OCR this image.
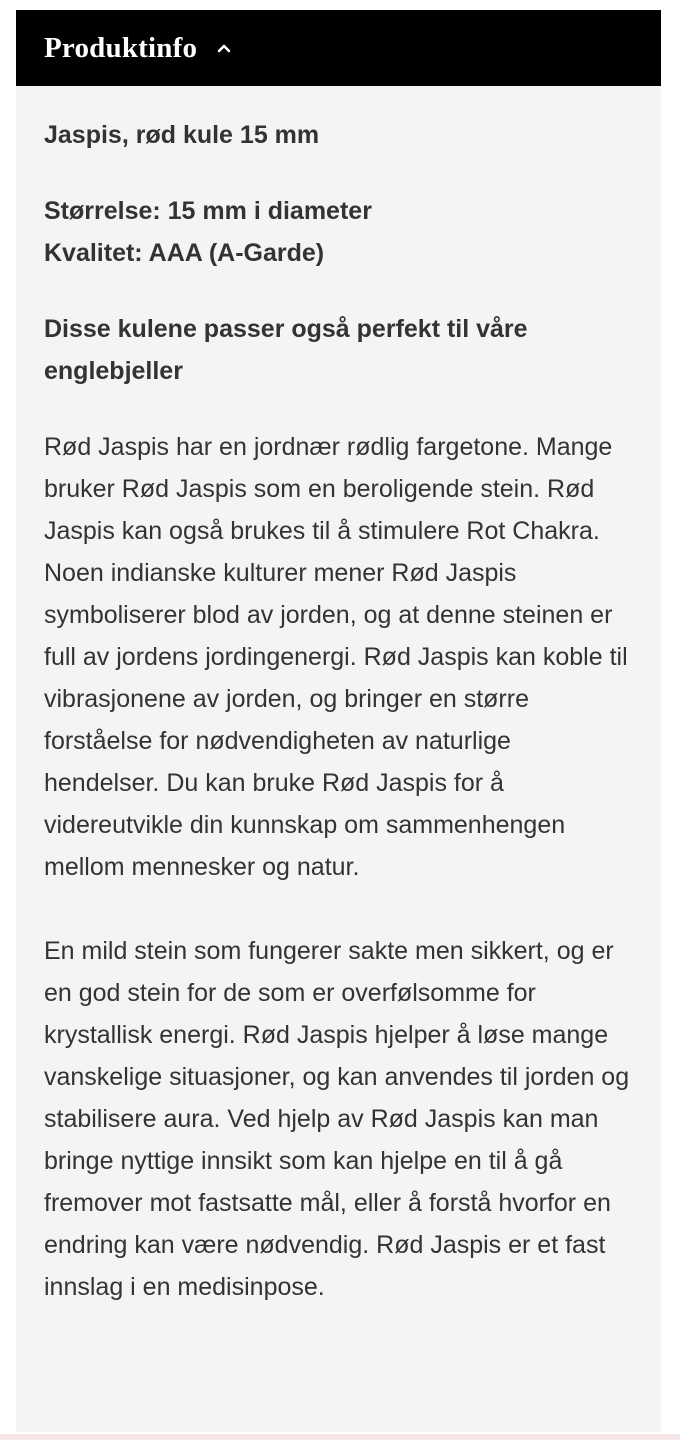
Produktinfo

Jaspis, rød kule 15 mm

Størrelse: 15 mm i diameter

Kvalitet: AAA (A-Garde)

Disse kulene passer også perfekt til våre englebjeller

Rød Jaspis har en jordnær rødlig fargetone. Mange bruker Rød Jaspis som en beroligende stein. Rød Jaspis kan også brukes til å stimulere Rot Chakra. Noen indianske kulturer mener Rød Jaspis symboliserer blod av jorden, og at denne steinen er full av jordens jordingenergi. Rød Jaspis kan koble til vibrasjonene av jorden, og bringer en større forståelse for nødvendigheten av naturlige hendelser. Du kan bruke Rød Jaspis for å videreutvikle din kunnskap om sammenhengen mellom mennesker og natur.

En mild stein som fungerer sakte men sikkert, og er en god stein for de som er overfølsomme for krystallisk energi. Rød Jaspis hjelper å løse mange vanskelige situasjoner, og kan anvendes til jorden og stabilisere aura. Ved hjelp av Rød Jaspis kan man bringe nyttige innsikt som kan hjelpe en til å gå fremover mot fastsatte mål, eller å forstå hvorfor en endring kan være nødvendig. Rød Jaspis er et fast innslag i en medisinpose.
